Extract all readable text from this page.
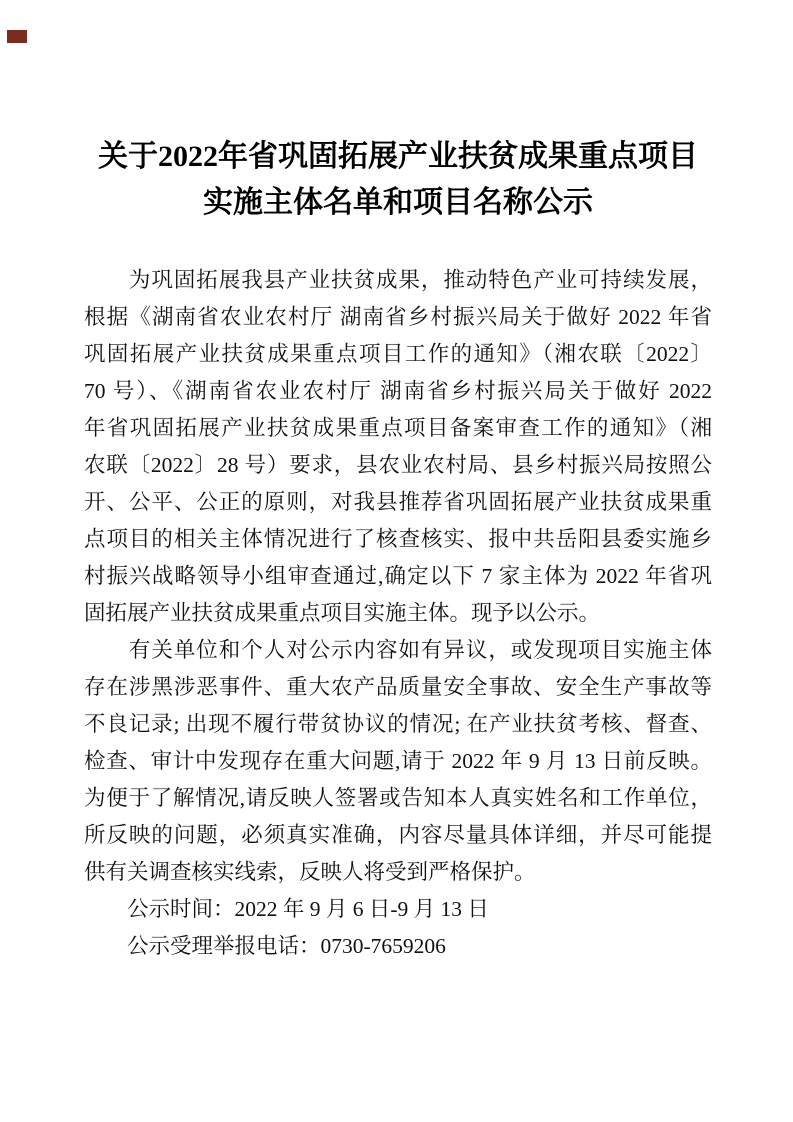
关于2022年省巩固拓展产业扶贫成果重点项目
实施主体名单和项目名称公示
　　为巩固拓展我县产业扶贫成果，推动特色产业可持续发展，
根据《湖南省农业农村厅 湖南省乡村振兴局关于做好 2022 年省
巩固拓展产业扶贫成果重点项目工作的通知》（湘农联〔2022〕
70 号）、《湖南省农业农村厅 湖南省乡村振兴局关于做好 2022
年省巩固拓展产业扶贫成果重点项目备案审查工作的通知》（湘
农联〔2022〕28 号）要求，县农业农村局、县乡村振兴局按照公
开、公平、公正的原则，对我县推荐省巩固拓展产业扶贫成果重
点项目的相关主体情况进行了核查核实、报中共岳阳县委实施乡
村振兴战略领导小组审查通过,确定以下 7 家主体为 2022 年省巩
固拓展产业扶贫成果重点项目实施主体。现予以公示。
　　有关单位和个人对公示内容如有异议，或发现项目实施主体
存在涉黑涉恶事件、重大农产品质量安全事故、安全生产事故等
不良记录; 出现不履行带贫协议的情况; 在产业扶贫考核、督查、
检查、审计中发现存在重大问题,请于 2022 年 9 月 13 日前反映。
为便于了解情况,请反映人签署或告知本人真实姓名和工作单位，
所反映的问题，必须真实准确，内容尽量具体详细，并尽可能提
供有关调查核实线索，反映人将受到严格保护。
　　公示时间：2022 年 9 月 6 日-9 月 13 日
　　公示受理举报电话：0730-7659206
